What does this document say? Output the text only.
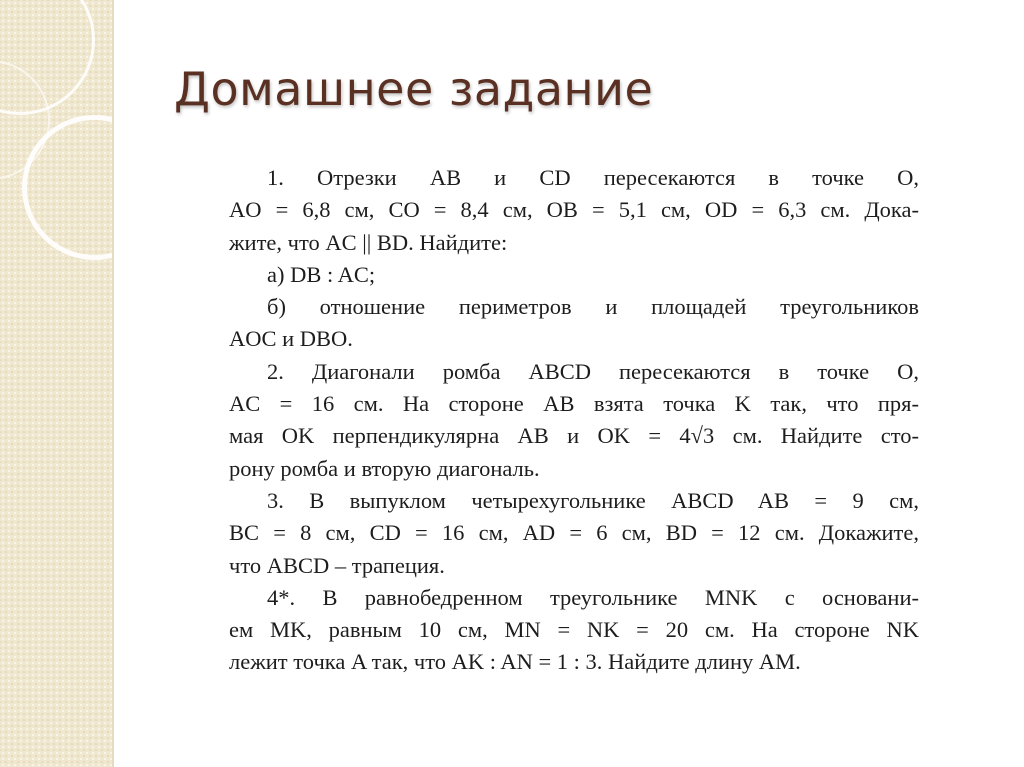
Домашнее задание

1. Отрезки AB и CD пересекаются в точке O,

AO = 6,8 см, CO = 8,4 см, OB = 5,1 см, OD = 6,3 см. Дока-

жите, что AC || BD. Найдите:

а) DB : AC;

б) отношение периметров и площадей треугольников

AOC и DBO.

2. Диагонали ромба ABCD пересекаются в точке O,

AC = 16 см. На стороне AB взята точка K так, что пря-

мая OK перпендикулярна AB и OK = 4√3 см. Найдите сто-

рону ромба и вторую диагональ.

3. В выпуклом четырехугольнике ABCD AB = 9 см,

BC = 8 см, CD = 16 см, AD = 6 см, BD = 12 см. Докажите,

что ABCD – трапеция.

4*. В равнобедренном треугольнике MNK с основани-

ем MK, равным 10 см, MN = NK = 20 см. На стороне NK

лежит точка A так, что AK : AN = 1 : 3. Найдите длину AM.
